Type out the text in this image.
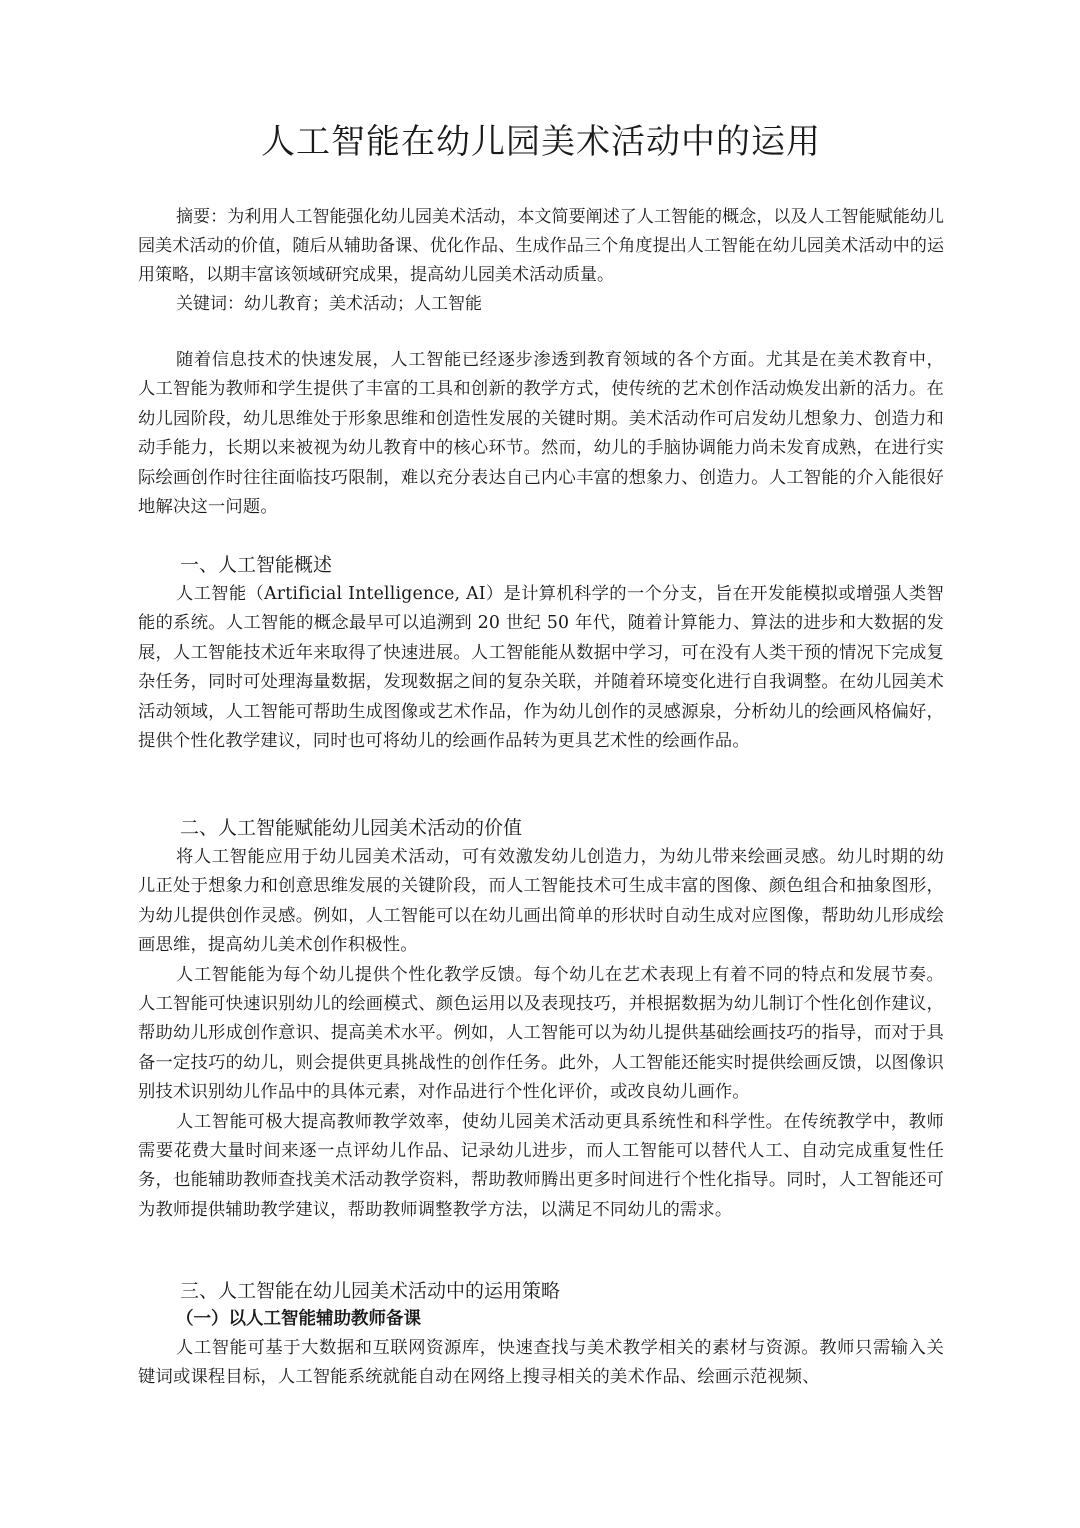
人工智能在幼儿园美术活动中的运用

摘要：为利用人工智能强化幼儿园美术活动，本文简要阐述了人工智能的概念，以及人工智能赋能幼儿园美术活动的价值，随后从辅助备课、优化作品、生成作品三个角度提出人工智能在幼儿园美术活动中的运用策略，以期丰富该领域研究成果，提高幼儿园美术活动质量。

关键词：幼儿教育；美术活动；人工智能

随着信息技术的快速发展，人工智能已经逐步渗透到教育领域的各个方面。尤其是在美术教育中，人工智能为教师和学生提供了丰富的工具和创新的教学方式，使传统的艺术创作活动焕发出新的活力。在幼儿园阶段，幼儿思维处于形象思维和创造性发展的关键时期。美术活动作可启发幼儿想象力、创造力和动手能力，长期以来被视为幼儿教育中的核心环节。然而，幼儿的手脑协调能力尚未发育成熟，在进行实际绘画创作时往往面临技巧限制，难以充分表达自己内心丰富的想象力、创造力。人工智能的介入能很好地解决这一问题。

一、人工智能概述

人工智能（Artificial Intelligence, AI）是计算机科学的一个分支，旨在开发能模拟或增强人类智能的系统。人工智能的概念最早可以追溯到 20 世纪 50 年代，随着计算能力、算法的进步和大数据的发展，人工智能技术近年来取得了快速进展。人工智能能从数据中学习，可在没有人类干预的情况下完成复杂任务，同时可处理海量数据，发现数据之间的复杂关联，并随着环境变化进行自我调整。在幼儿园美术活动领域，人工智能可帮助生成图像或艺术作品，作为幼儿创作的灵感源泉，分析幼儿的绘画风格偏好，提供个性化教学建议，同时也可将幼儿的绘画作品转为更具艺术性的绘画作品。

二、人工智能赋能幼儿园美术活动的价值

将人工智能应用于幼儿园美术活动，可有效激发幼儿创造力，为幼儿带来绘画灵感。幼儿时期的幼儿正处于想象力和创意思维发展的关键阶段，而人工智能技术可生成丰富的图像、颜色组合和抽象图形，为幼儿提供创作灵感。例如，人工智能可以在幼儿画出简单的形状时自动生成对应图像，帮助幼儿形成绘画思维，提高幼儿美术创作积极性。

人工智能能为每个幼儿提供个性化教学反馈。每个幼儿在艺术表现上有着不同的特点和发展节奏。人工智能可快速识别幼儿的绘画模式、颜色运用以及表现技巧，并根据数据为幼儿制订个性化创作建议，帮助幼儿形成创作意识、提高美术水平。例如，人工智能可以为幼儿提供基础绘画技巧的指导，而对于具备一定技巧的幼儿，则会提供更具挑战性的创作任务。此外，人工智能还能实时提供绘画反馈，以图像识别技术识别幼儿作品中的具体元素，对作品进行个性化评价，或改良幼儿画作。

人工智能可极大提高教师教学效率，使幼儿园美术活动更具系统性和科学性。在传统教学中，教师需要花费大量时间来逐一点评幼儿作品、记录幼儿进步，而人工智能可以替代人工、自动完成重复性任务，也能辅助教师查找美术活动教学资料，帮助教师腾出更多时间进行个性化指导。同时，人工智能还可为教师提供辅助教学建议，帮助教师调整教学方法，以满足不同幼儿的需求。

三、人工智能在幼儿园美术活动中的运用策略
（一）以人工智能辅助教师备课

人工智能可基于大数据和互联网资源库，快速查找与美术教学相关的素材与资源。教师只需输入关键词或课程目标，人工智能系统就能自动在网络上搜寻相关的美术作品、绘画示范视频、
